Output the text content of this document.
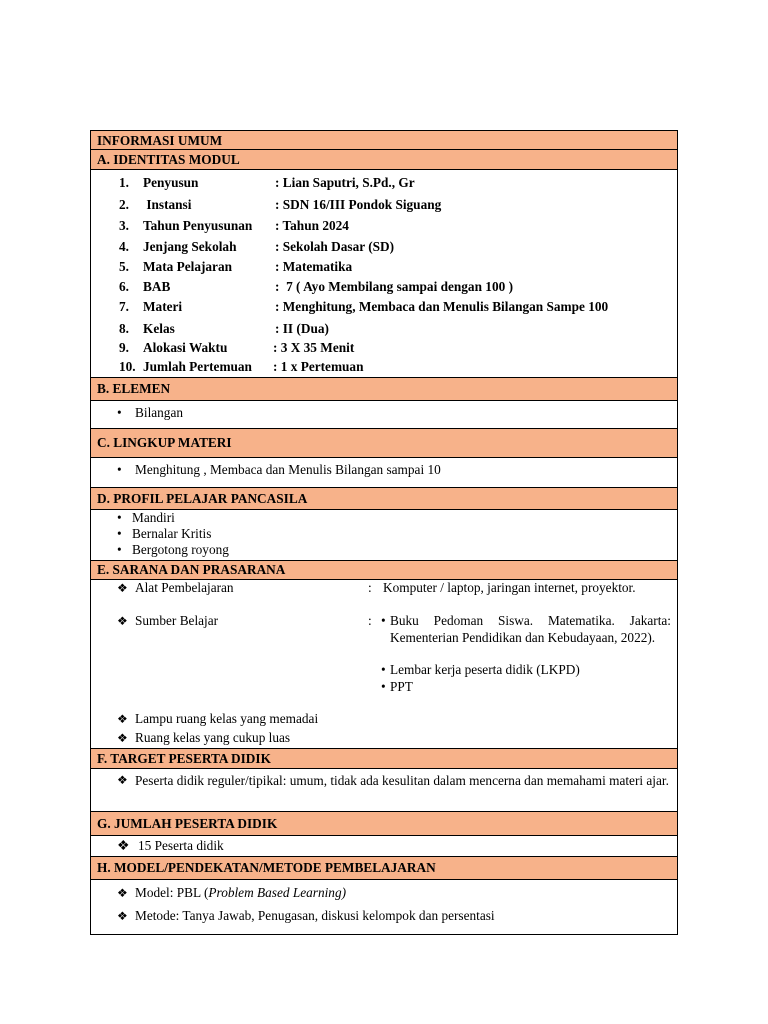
INFORMASI UMUM
A. IDENTITAS MODUL
1. Penyusun	: Lian Saputri, S.Pd., Gr
2. Instansi	: SDN 16/III Pondok Siguang
3. Tahun Penyusunan : Tahun 2024
4. Jenjang Sekolah	: Sekolah Dasar (SD)
5. Mata Pelajaran	: Matematika
6. BAB	:  7 ( Ayo Membilang sampai dengan 100 )
7. Materi	: Menghitung, Membaca dan Menulis Bilangan Sampe 100
8. Kelas	: II (Dua)
9. Alokasi Waktu	: 3 X 35 Menit
10. Jumlah Pertemuan : 1 x Pertemuan
B. ELEMEN
• Bilangan
C. LINGKUP MATERI
• Menghitung , Membaca dan Menulis Bilangan sampai 10
D. PROFIL PELAJAR PANCASILA
• Mandiri
• Bernalar Kritis
• Bergotong royong
E. SARANA DAN PRASARANA
❖ Alat Pembelajaran	: Komputer / laptop, jaringan internet, proyektor.
❖ Sumber Belajar	: • Buku Pedoman Siswa. Matematika. Jakarta: Kementerian Pendidikan dan Kebudayaan, 2022).
• Lembar kerja peserta didik (LKPD)
• PPT
❖ Lampu ruang kelas yang memadai
❖ Ruang kelas yang cukup luas
F. TARGET PESERTA DIDIK
❖ Peserta didik reguler/tipikal: umum, tidak ada kesulitan dalam mencerna dan memahami materi ajar.
G. JUMLAH PESERTA DIDIK
❖ 15 Peserta didik
H. MODEL/PENDEKATAN/METODE PEMBELAJARAN
❖ Model: PBL (Problem Based Learning)
❖ Metode: Tanya Jawab, Penugasan, diskusi kelompok dan persentasi
